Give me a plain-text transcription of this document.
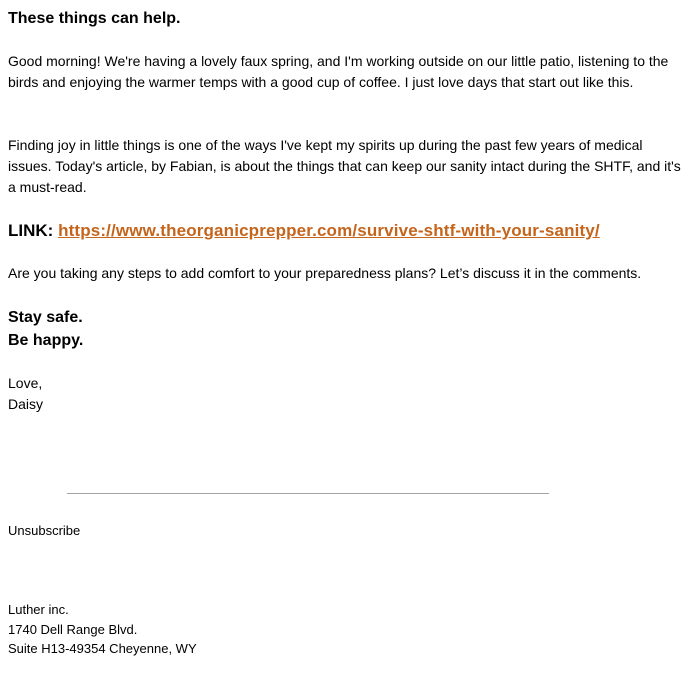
These things can help.

Good morning! We're having a lovely faux spring, and I'm working outside on our little patio, listening to the birds and enjoying the warmer temps with a good cup of coffee. I just love days that start out like this.

Finding joy in little things is one of the ways I've kept my spirits up during the past few years of medical issues. Today's article, by Fabian, is about the things that can keep our sanity intact during the SHTF, and it's a must-read.

LINK: https://www.theorganicprepper.com/survive-shtf-with-your-sanity/

Are you taking any steps to add comfort to your preparedness plans? Let’s discuss it in the comments.

Stay safe.
Be happy.
Love,
Daisy
Unsubscribe
Luther inc.
1740 Dell Range Blvd.
Suite H13-49354 Cheyenne, WY
